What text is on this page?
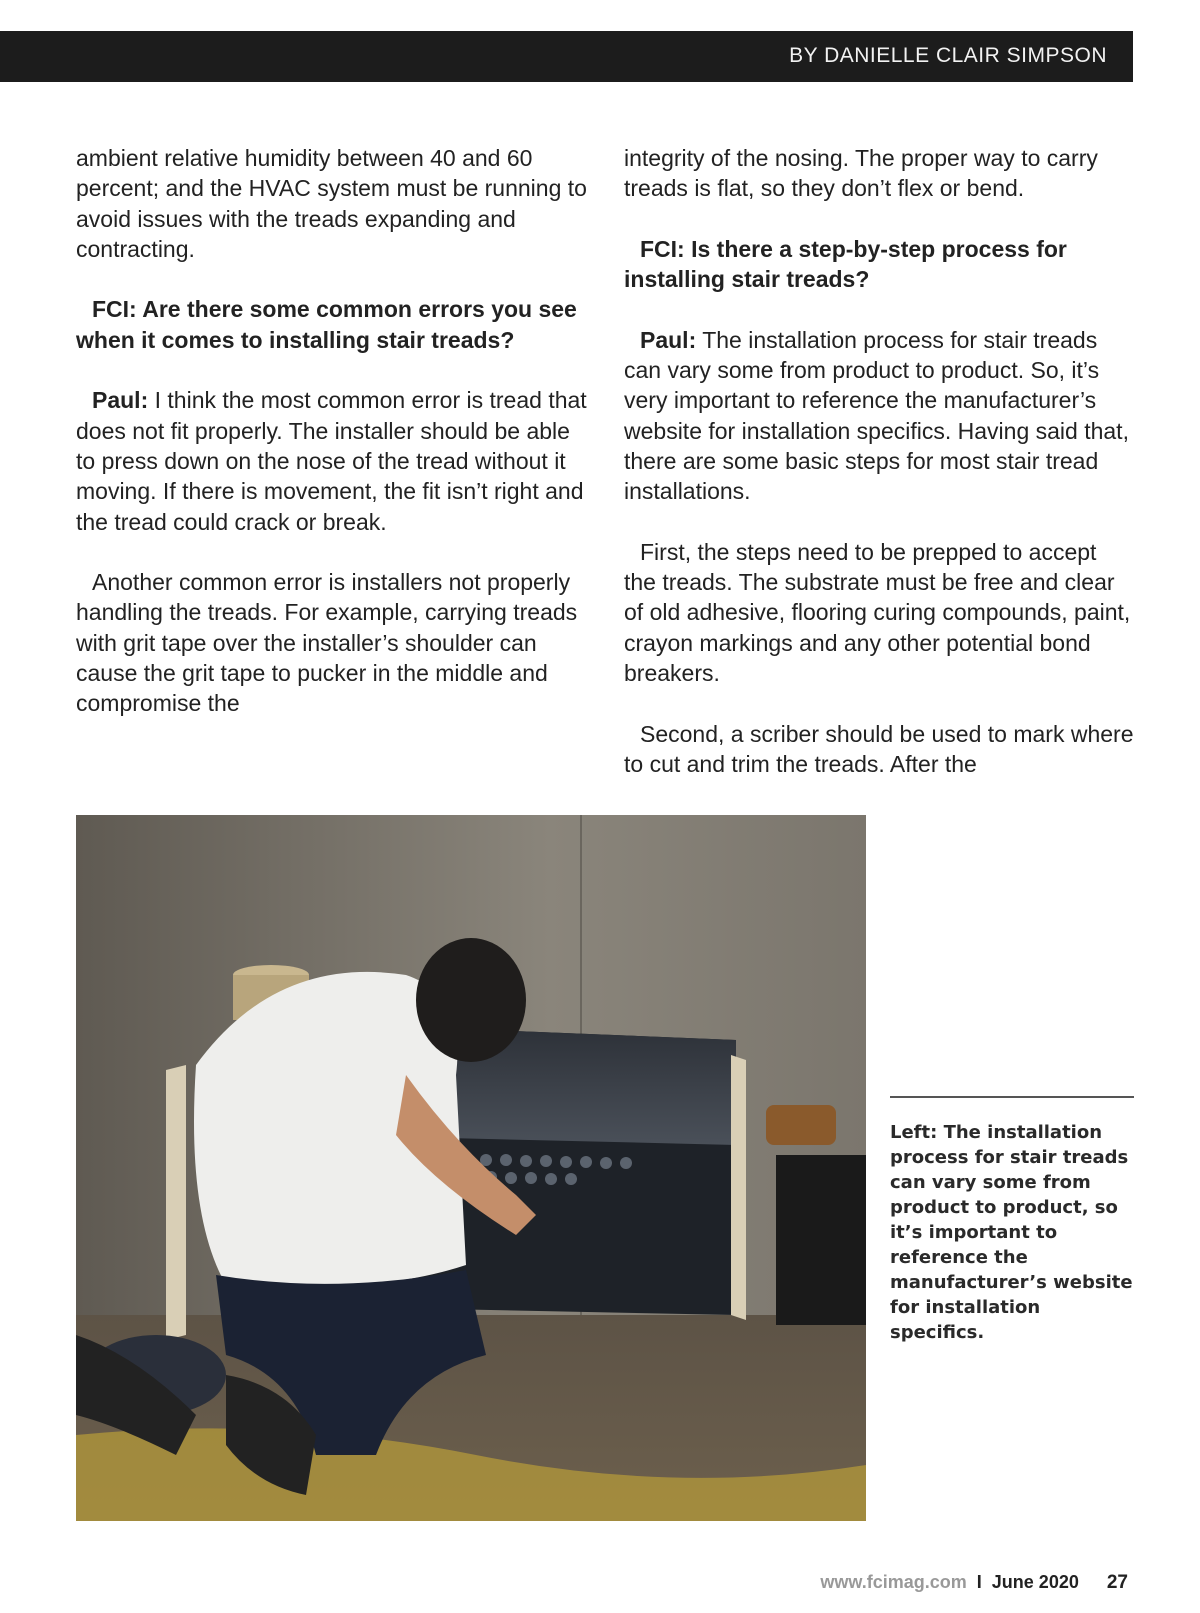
BY DANIELLE CLAIR SIMPSON

ambient relative humidity between 40 and 60 percent; and the HVAC system must be running to avoid issues with the treads expanding and contracting.

FCI: Are there some common errors you see when it comes to installing stair treads?

Paul: I think the most common error is tread that does not fit properly. The installer should be able to press down on the nose of the tread without it moving. If there is movement, the fit isn’t right and the tread could crack or break.

Another common error is installers not properly handling the treads. For example, carrying treads with grit tape over the installer’s shoulder can cause the grit tape to pucker in the middle and compromise the

integrity of the nosing. The proper way to carry treads is flat, so they don’t flex or bend.

FCI: Is there a step-by-step process for installing stair treads?

Paul: The installation process for stair treads can vary some from product to product. So, it’s very important to reference the manufacturer’s website for installation specifics. Having said that, there are some basic steps for most stair tread installations.

First, the steps need to be prepped to accept the treads. The substrate must be free and clear of old adhesive, flooring curing compounds, paint, crayon markings and any other potential bond breakers.

Second, a scriber should be used to mark where to cut and trim the treads. After the

Left: The installation process for stair treads can vary some from product to product, so it’s important to reference the manufacturer’s website for installation specifics.
www.fcimag.com I June 2020 27
